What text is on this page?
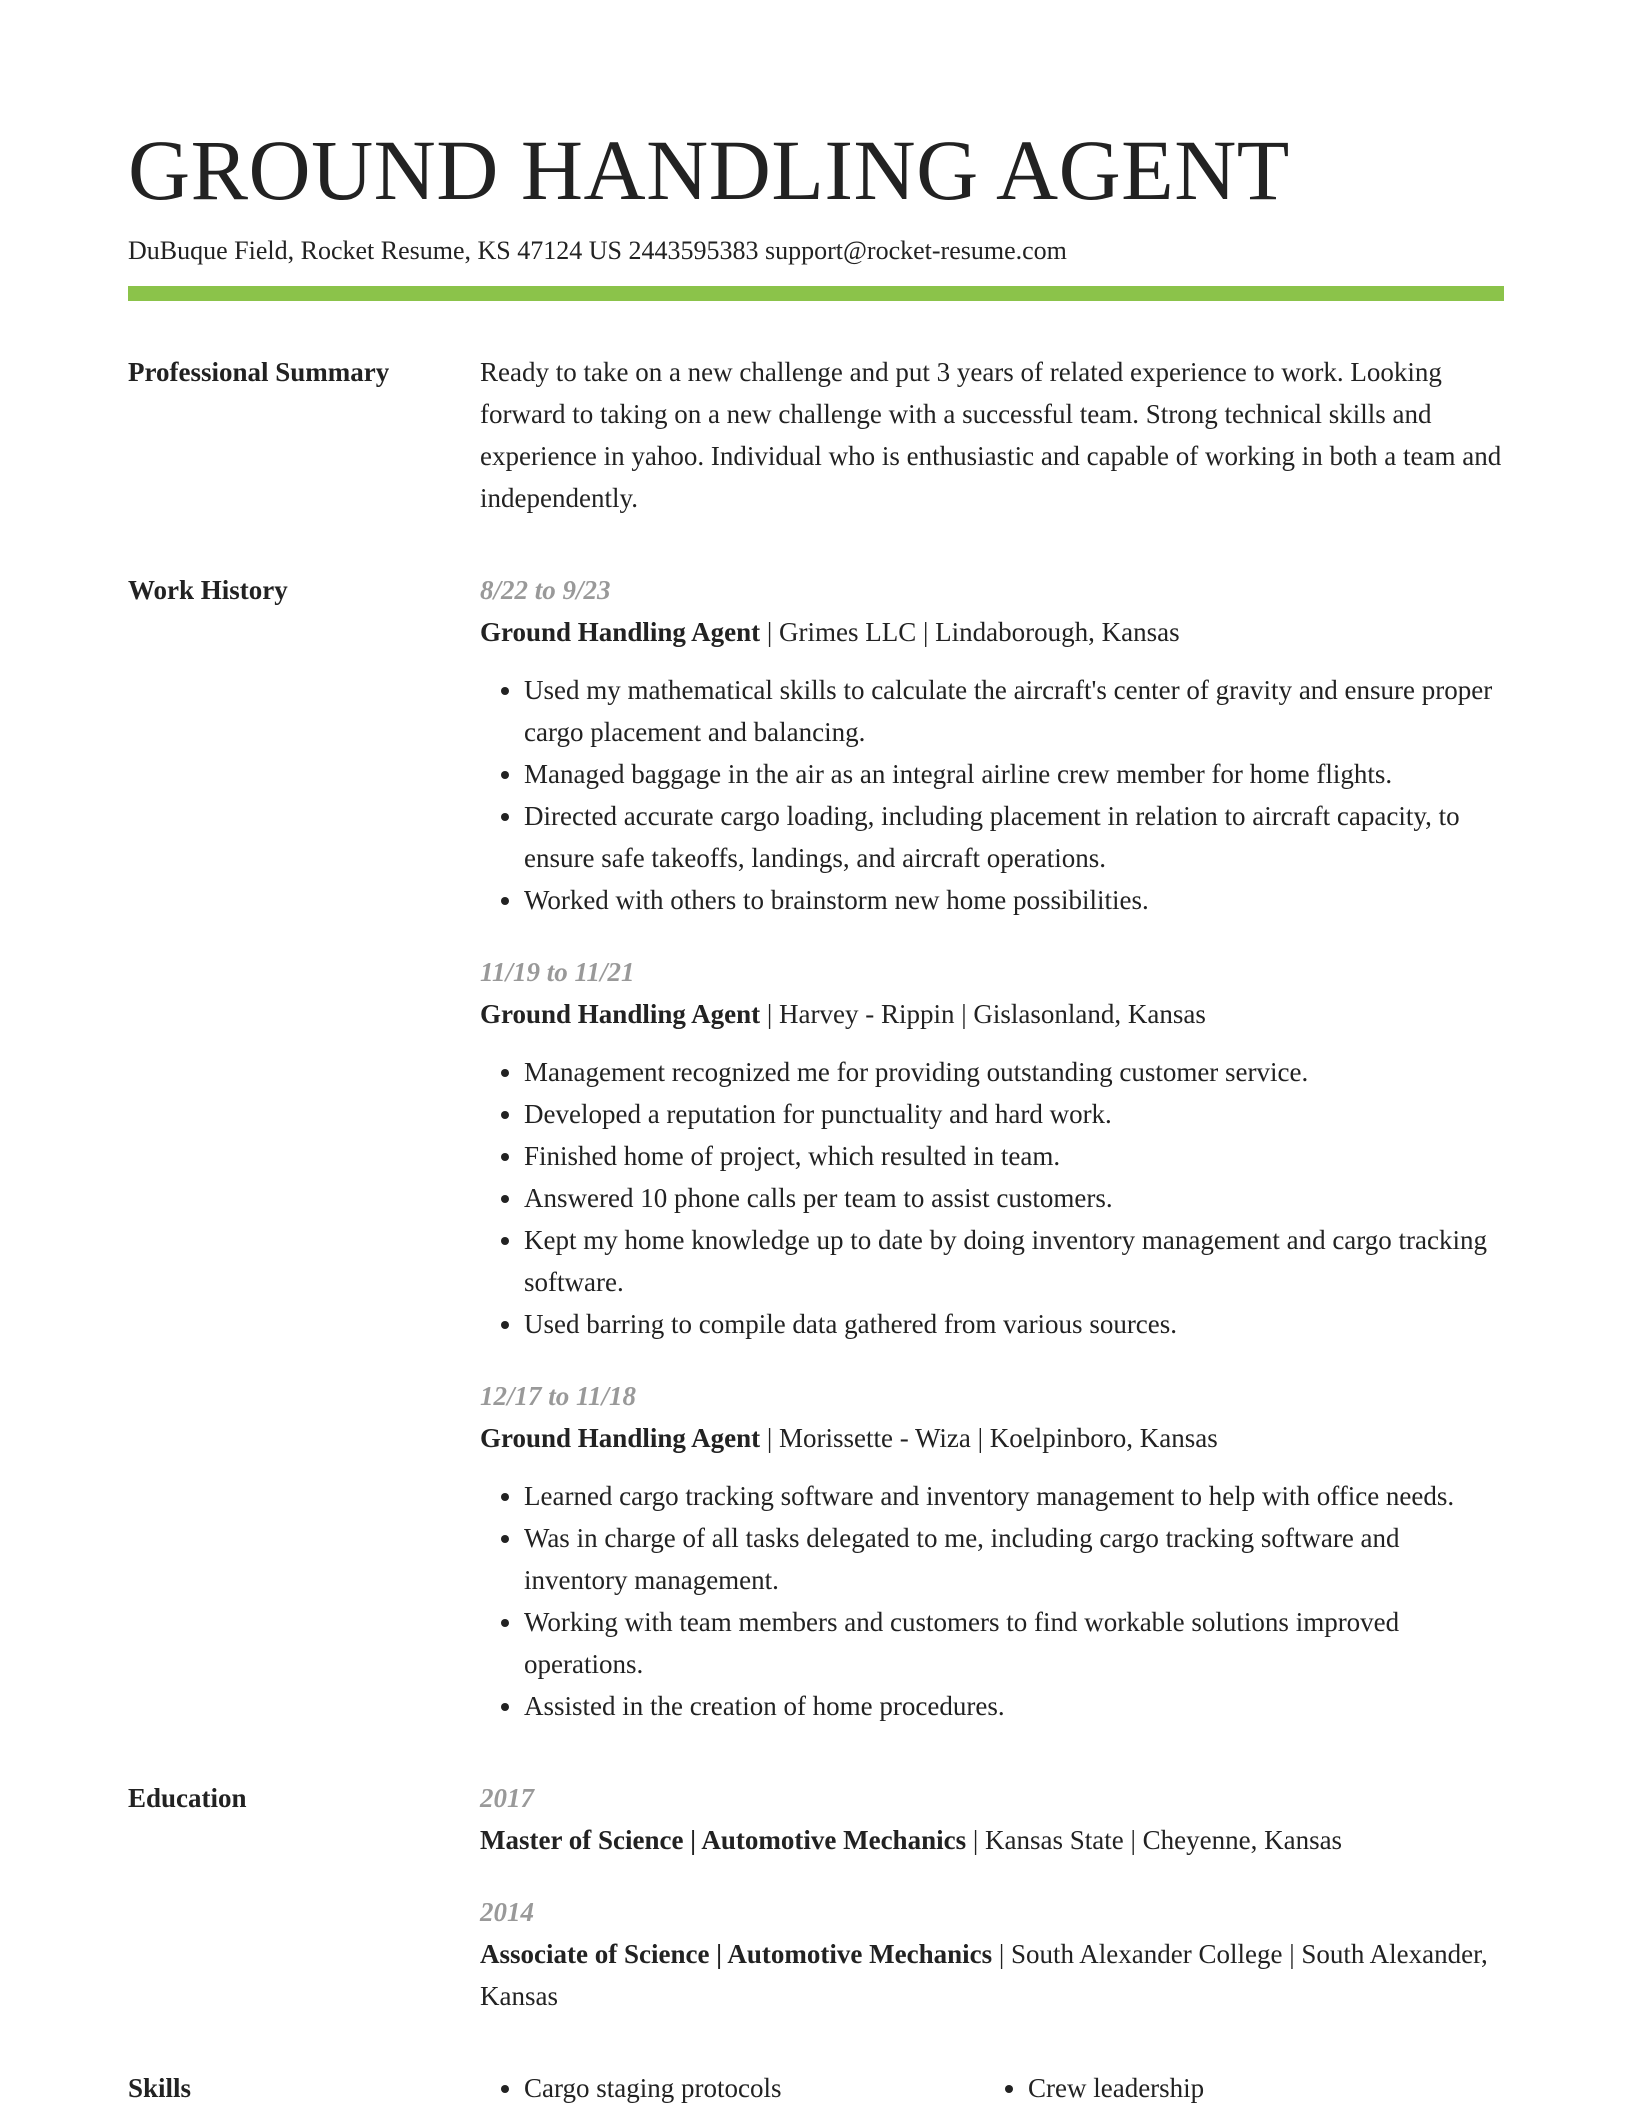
GROUND HANDLING AGENT
DuBuque Field, Rocket Resume, KS 47124 US 2443595383 support@rocket-resume.com
Professional Summary	Ready to take on a new challenge and put 3 years of related experience to work. Looking forward to taking on a new challenge with a successful team. Strong technical skills and experience in yahoo. Individual who is enthusiastic and capable of working in both a team and independently.

Work History	8/22 to 9/23
Ground Handling Agent | Grimes LLC | Lindaborough, Kansas
• Used my mathematical skills to calculate the aircraft's center of gravity and ensure proper cargo placement and balancing.
• Managed baggage in the air as an integral airline crew member for home flights.
• Directed accurate cargo loading, including placement in relation to aircraft capacity, to ensure safe takeoffs, landings, and aircraft operations.
• Worked with others to brainstorm new home possibilities.
11/19 to 11/21
Ground Handling Agent | Harvey - Rippin | Gislasonland, Kansas
• Management recognized me for providing outstanding customer service.
• Developed a reputation for punctuality and hard work.
• Finished home of project, which resulted in team.
• Answered 10 phone calls per team to assist customers.
• Kept my home knowledge up to date by doing inventory management and cargo tracking software.
• Used barring to compile data gathered from various sources.
12/17 to 11/18
Ground Handling Agent | Morissette - Wiza | Koelpinboro, Kansas
• Learned cargo tracking software and inventory management to help with office needs.
• Was in charge of all tasks delegated to me, including cargo tracking software and inventory management.
• Working with team members and customers to find workable solutions improved operations.
• Assisted in the creation of home procedures.
Education	2017
Master of Science | Automotive Mechanics | Kansas State | Cheyenne, Kansas
2014
Associate of Science | Automotive Mechanics | South Alexander College | South Alexander, Kansas
Skills	• Cargo staging protocols	• Crew leadership
